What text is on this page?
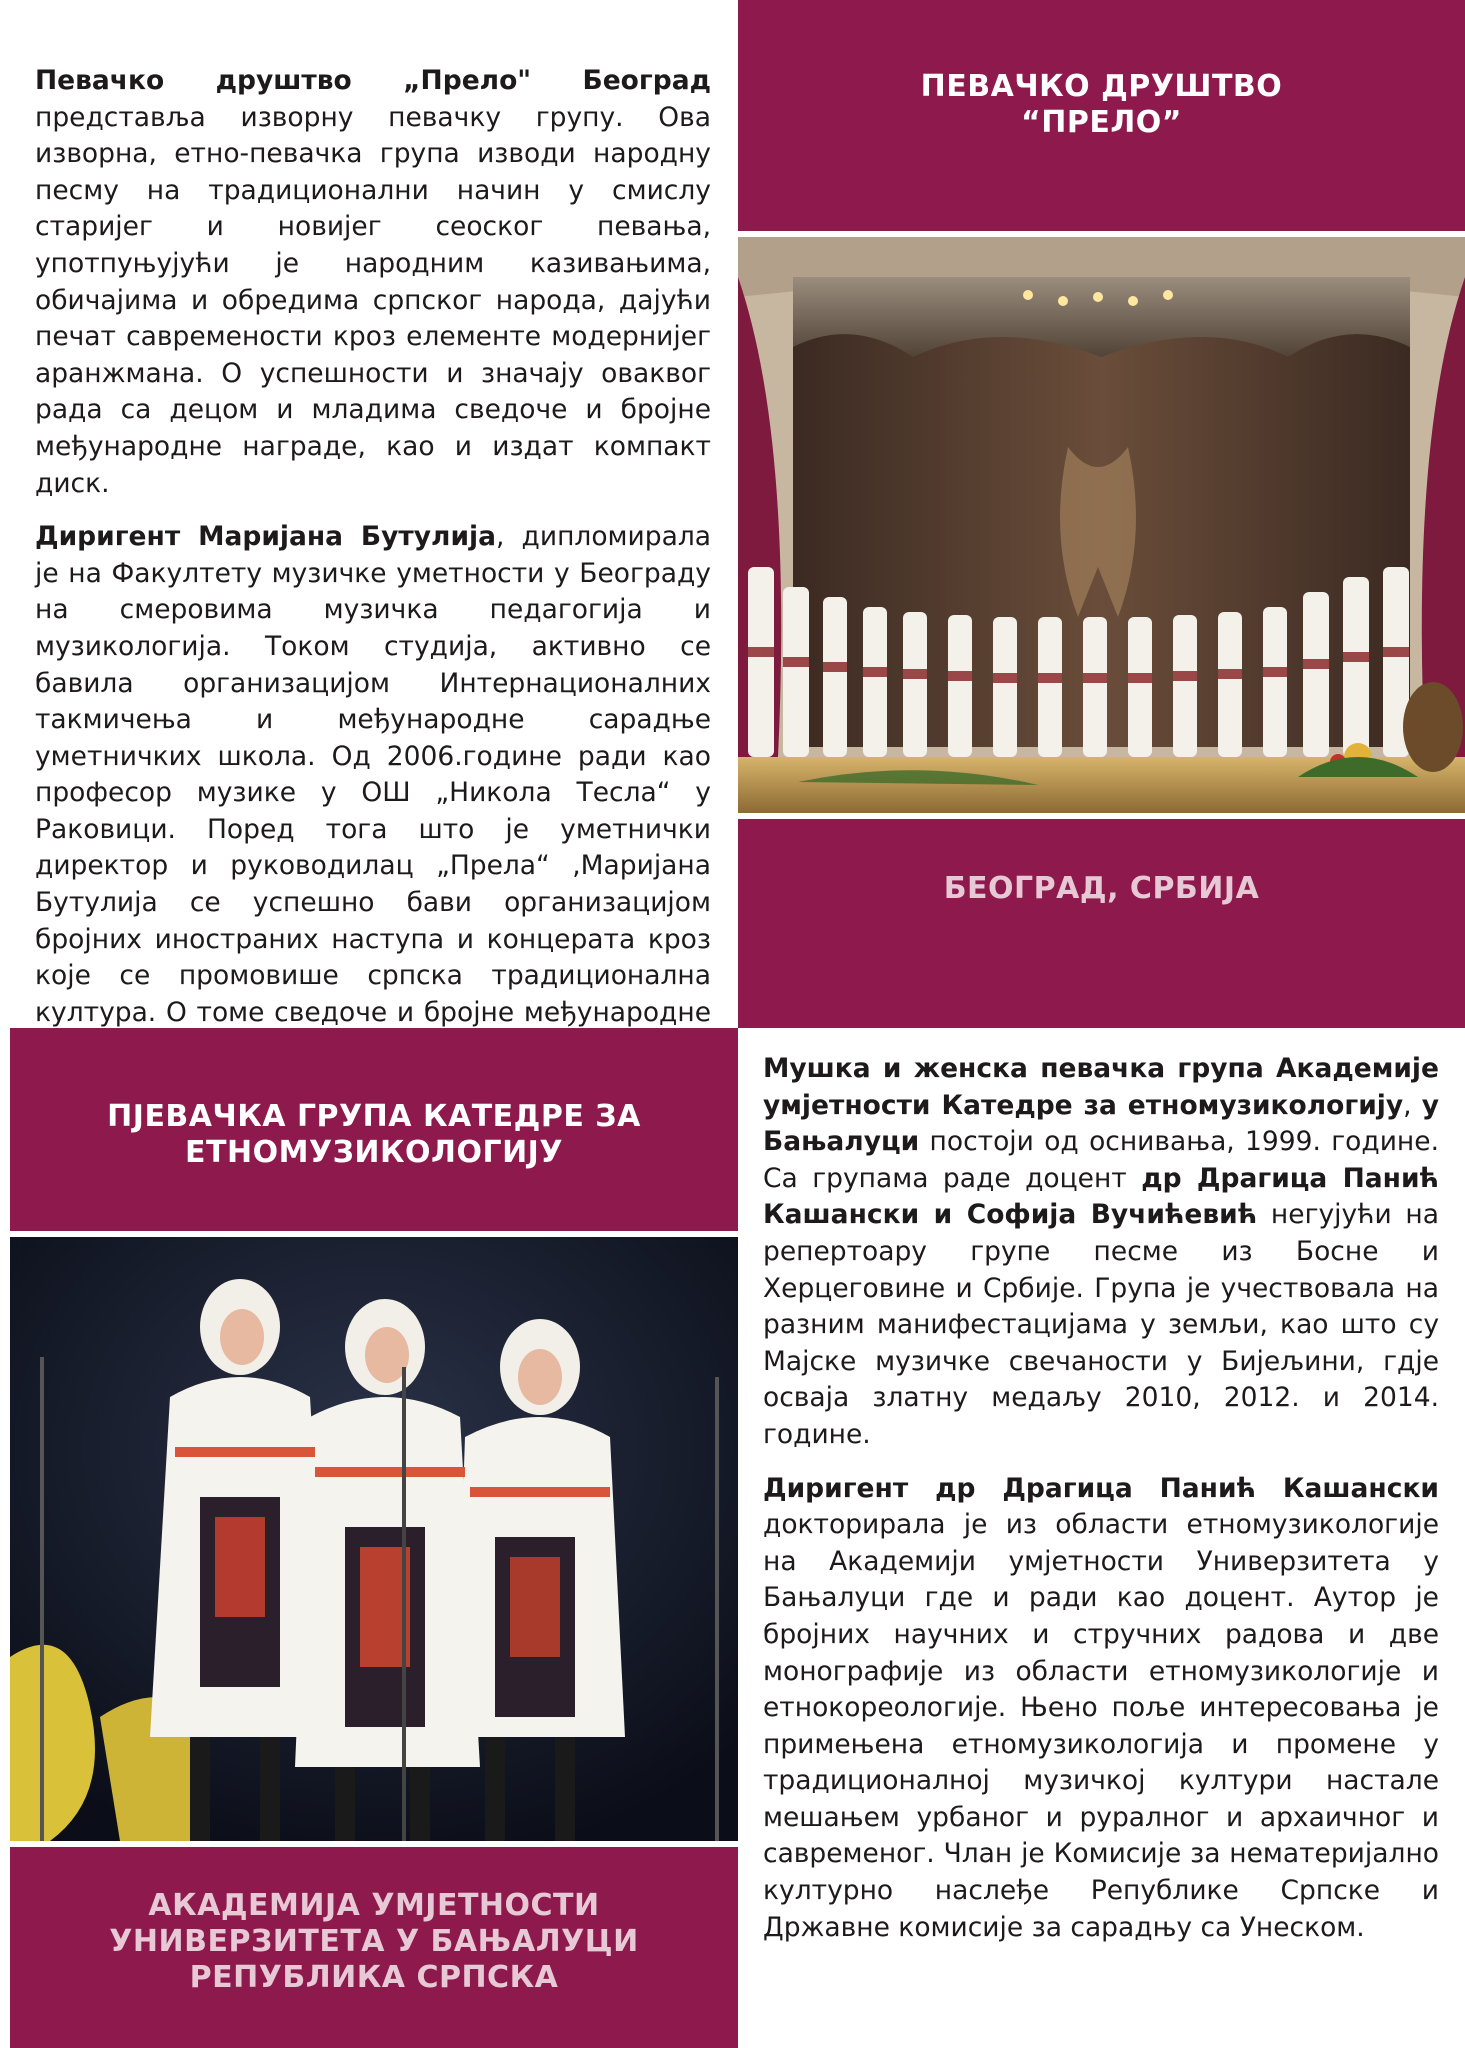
Певачко друштво „Прело" Београд представља изворну певачку групу. Ова изворна, етно-певачка група изводи народну песму на традиционални начин у смислу старијег и новијег сеоског певања, употпуњујући је народним казивањима, обичајима и обредима српског народа, дајући печат савремености кроз елементе модернијег аранжмана. О успешности и значају оваквог рада са децом и младима сведоче и бројне међународне награде, као и издат компакт диск.

Диригент Маријана Бутулија, дипломирала је на Факултету музичке уметности у Београду на смеровима музичка педагогија и музикологија. Током студија, активно се бавила организацијом Интернационалних такмичења и међународне сарадње уметничких школа. Од 2006.године ради као професор музике у ОШ „Никола Тесла“ у Раковици. Поред тога што је уметнички директор и руководилац „Прела“ ,Маријана Бутулија се успешно бави организацијом бројних иностраних наступа и концерата кроз које се промовише српска традиционална култура. О томе сведоче и бројне међународне

ПЕВАЧКО ДРУШТВО
“ПРЕЛО”
БЕОГРАД, СРБИЈА
ПЈЕВАЧКА ГРУПА КАТЕДРЕ ЗА
ЕТНОМУЗИКОЛОГИЈУ
АКАДЕМИЈА УМЈЕТНОСТИ
УНИВЕРЗИТЕТА У БАЊАЛУЦИ
РЕПУБЛИКА СРПСКА

Мушка и женска певачка група Академије умјетности Катедре за етномузикологију, у Бањалуци постоји од оснивања, 1999. године. Са групама раде доцент др Драгица Панић Кашански и Софија Вучићевић негујући на репертоару групе песме из Босне и Херцеговине и Србије. Група је учествовала на разним манифестацијама у земљи, као што су Мајске музичке свечаности у Бијељини, гдје осваја златну медаљу 2010, 2012. и 2014. године.

Диригент др Драгица Панић Кашански докторирала је из области етномузикологије на Академији умјетности Универзитета у Бањалуци где и ради као доцент. Аутор је бројних научних и стручних радова и две монографије из области етномузикологије и етнокореологије. Њено поље интересовања је примењена етномузикологија и промене у традиционалној музичкој култури настале мешањем урбаног и руралног и архаичног и савременог. Члан је Комисије за нематеријално културно наслеђе Републике Српске и Државне комисије за сарадњу са Унеском.
